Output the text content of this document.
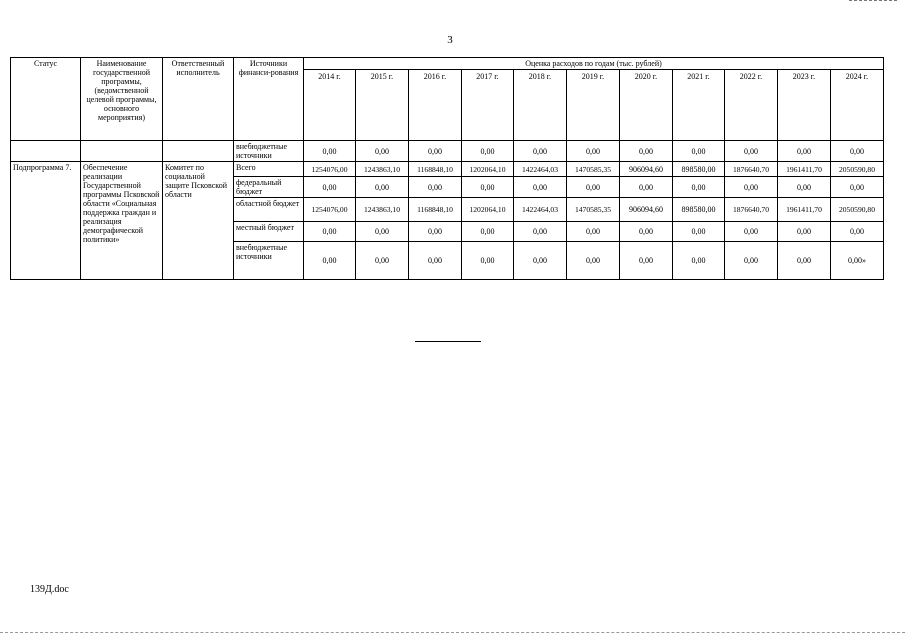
3
Статус	Наименование государственной программы, (ведомственной целевой программы, основного мероприятия)	Ответственный исполнитель	Источники финанси-рования	Оценка расходов по годам (тыс. рублей)										
				2014 г.	2015 г.	2016 г.	2017 г.	2018 г.	2019 г.	2020 г.	2021 г.	2022 г.	2023 г.	2024 г.
			внебюджетные источники	0,00	0,00	0,00	0,00	0,00	0,00	0,00	0,00	0,00	0,00	0,00
Подпрограмма 7.	Обеспечение реализации Государственной программы Псковской области «Социальная поддержка граждан и реализация демографической политики»	Комитет по социальной защите Псковской области	Всего	1254076,00	1243863,10	1168848,10	1202064,10	1422464,03	1470585,35	906094,60	898580,00	1876640,70	1961411,70	2050590,80
			федеральный бюджет	0,00	0,00	0,00	0,00	0,00	0,00	0,00	0,00	0,00	0,00	0,00
			областной бюджет	1254076,00	1243863,10	1168848,10	1202064,10	1422464,03	1470585,35	906094,60	898580,00	1876640,70	1961411,70	2050590,80
			местный бюджет	0,00	0,00	0,00	0,00	0,00	0,00	0,00	0,00	0,00	0,00	0,00
			внебюджетные источники	0,00	0,00	0,00	0,00	0,00	0,00	0,00	0,00	0,00	0,00	0,00»
139Д.doc
